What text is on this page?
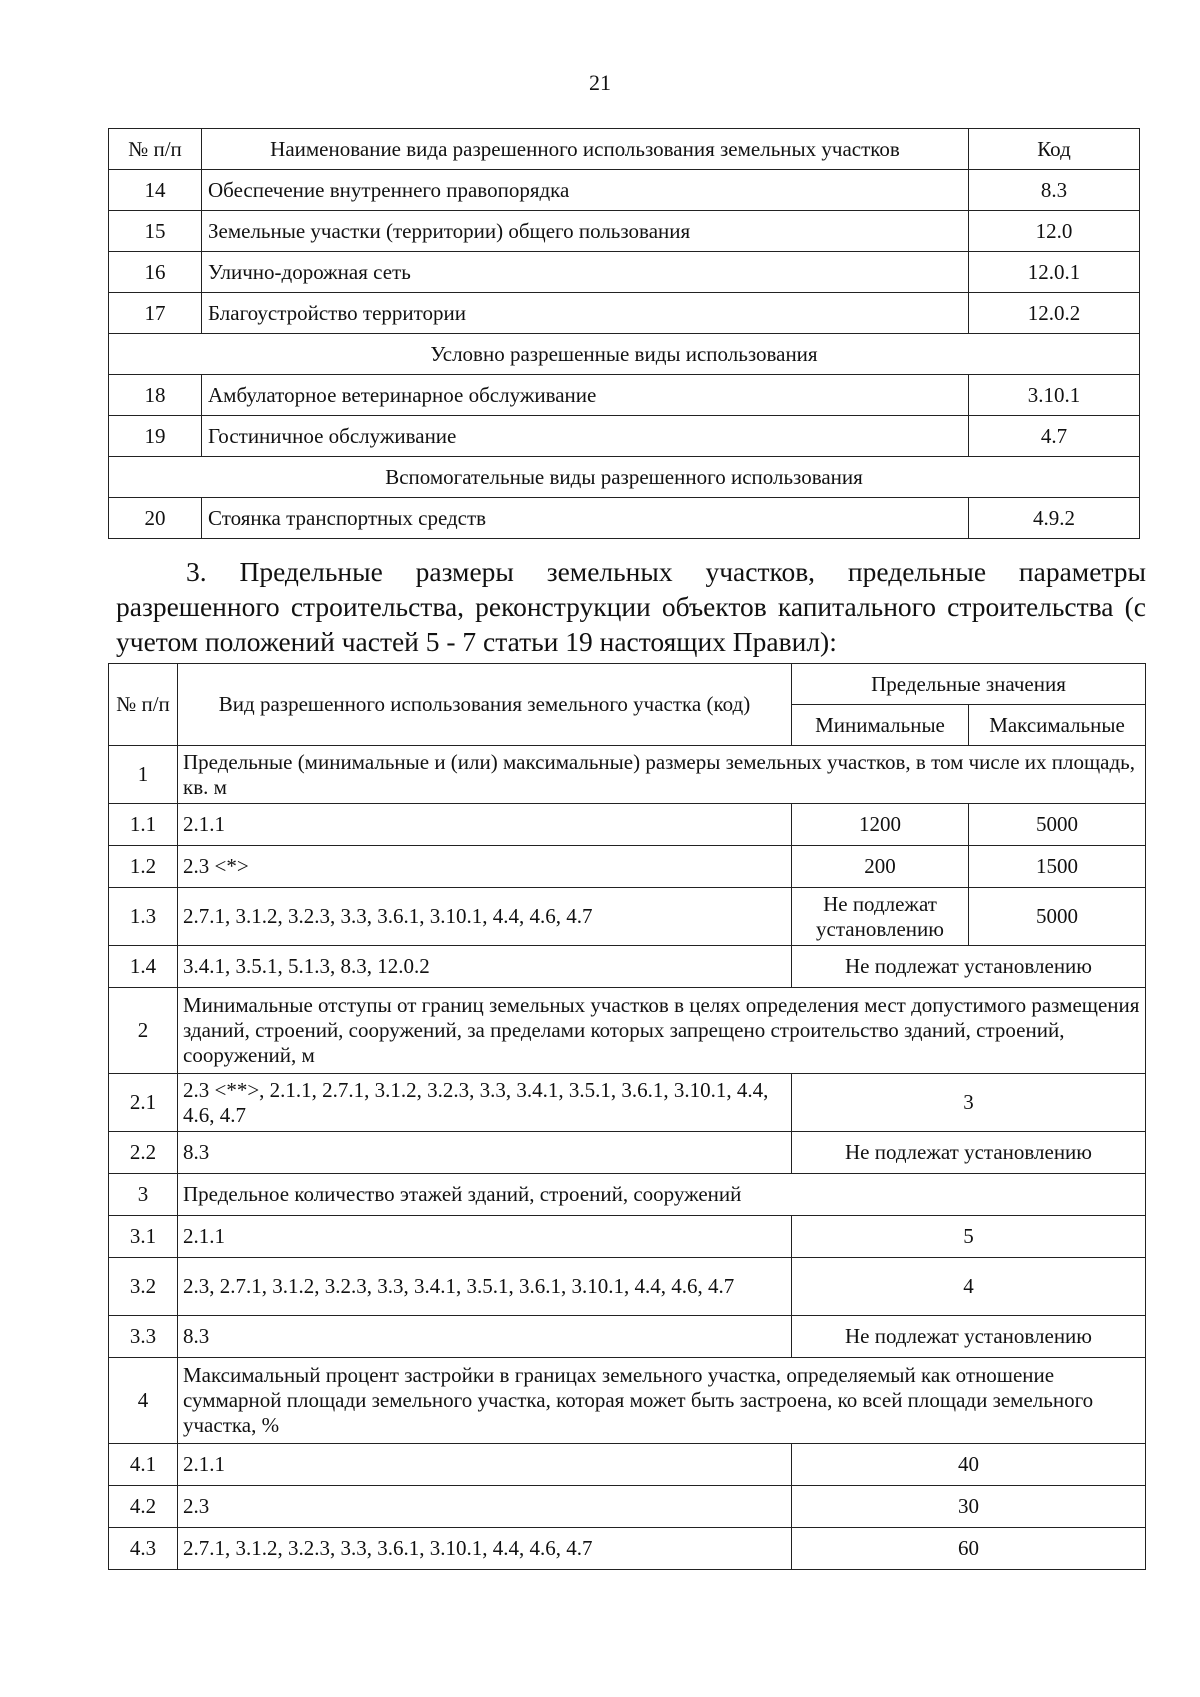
21
№ п/п	Наименование вида разрешенного использования земельных участков	Код
14	Обеспечение внутреннего правопорядка	8.3
15	Земельные участки (территории) общего пользования	12.0
16	Улично-дорожная сеть	12.0.1
17	Благоустройство территории	12.0.2
Условно разрешенные виды использования		
18	Амбулаторное ветеринарное обслуживание	3.10.1
19	Гостиничное обслуживание	4.7
Вспомогательные виды разрешенного использования		
20	Стоянка транспортных средств	4.9.2

3. Предельные размеры земельных участков, предельные параметры разрешенного строительства, реконструкции объектов капитального строительства (с учетом положений частей 5 - 7 статьи 19 настоящих Правил):

№ п/п	Вид разрешенного использования земельного участка (код)	Предельные значения	
		Минимальные	Максимальные
1	Предельные (минимальные и (или) максимальные) размеры земельных участков, в том числе их площадь, кв. м		
1.1	2.1.1	1200	5000
1.2	2.3 <*>	200	1500
1.3	2.7.1, 3.1.2, 3.2.3, 3.3, 3.6.1, 3.10.1, 4.4, 4.6, 4.7	Не подлежат установлению	5000
1.4	3.4.1, 3.5.1, 5.1.3, 8.3, 12.0.2	Не подлежат установлению	
2	Минимальные отступы от границ земельных участков в целях определения мест допустимого размещения зданий, строений, сооружений, за пределами которых запрещено строительство зданий, строений, сооружений, м		
2.1	2.3 <**>, 2.1.1, 2.7.1, 3.1.2, 3.2.3, 3.3, 3.4.1, 3.5.1, 3.6.1, 3.10.1, 4.4, 4.6, 4.7	3	
2.2	8.3	Не подлежат установлению	
3	Предельное количество этажей зданий, строений, сооружений		
3.1	2.1.1	5	
3.2	2.3, 2.7.1, 3.1.2, 3.2.3, 3.3, 3.4.1, 3.5.1, 3.6.1, 3.10.1, 4.4, 4.6, 4.7	4	
3.3	8.3	Не подлежат установлению	
4	Максимальный процент застройки в границах земельного участка, определяемый как отношение суммарной площади земельного участка, которая может быть застроена, ко всей площади земельного участка, %		
4.1	2.1.1	40	
4.2	2.3	30	
4.3	2.7.1, 3.1.2, 3.2.3, 3.3, 3.6.1, 3.10.1, 4.4, 4.6, 4.7	60	
